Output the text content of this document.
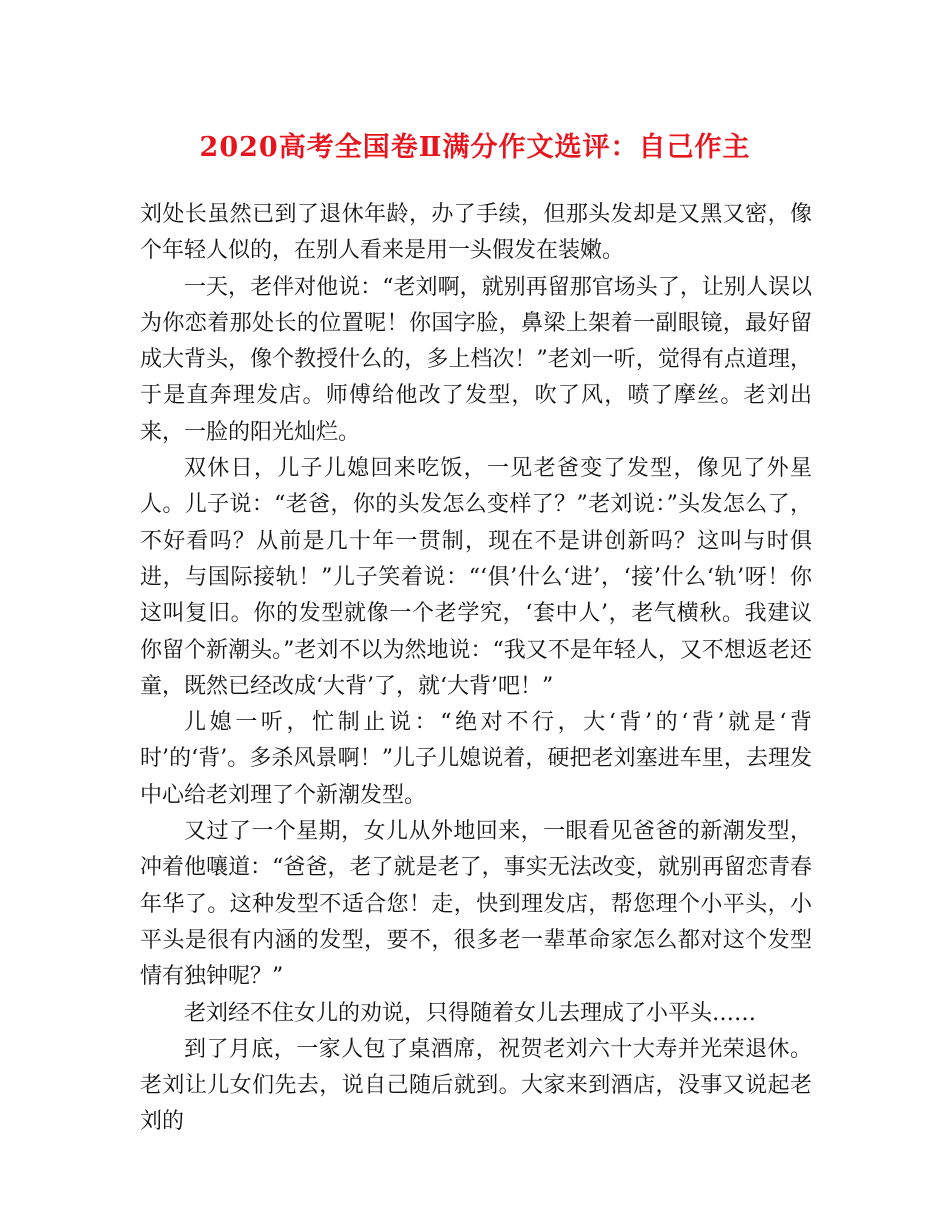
2020高考全国卷Ⅱ满分作文选评：自己作主

刘处长虽然已到了退休年龄，办了手续，但那头发却是又黑又密，像个年轻人似的，在别人看来是用一头假发在装嫩。

一天，老伴对他说：“老刘啊，就别再留那官场头了，让别人误以为你恋着那处长的位置呢！你国字脸，鼻梁上架着一副眼镜，最好留成大背头，像个教授什么的，多上档次！”老刘一听，觉得有点道理，于是直奔理发店。师傅给他改了发型，吹了风，喷了摩丝。老刘出来，一脸的阳光灿烂。

双休日，儿子儿媳回来吃饭，一见老爸变了发型，像见了外星人。儿子说：“老爸，你的头发怎么变样了？”老刘说：”头发怎么了，不好看吗？从前是几十年一贯制，现在不是讲创新吗？这叫与时俱进，与国际接轨！”儿子笑着说：“‘俱’什么‘进’，‘接’什么‘轨’呀！你这叫复旧。你的发型就像一个老学究，‘套中人’，老气横秋。我建议你留个新潮头。”老刘不以为然地说：“我又不是年轻人，又不想返老还童，既然已经改成‘大背’了，就‘大背’吧！”

儿媳一听，忙制止说：“绝对不行，大‘背’的‘背’就是‘背时’的‘背’。多杀风景啊！”儿子儿媳说着，硬把老刘塞进车里，去理发中心给老刘理了个新潮发型。

又过了一个星期，女儿从外地回来，一眼看见爸爸的新潮发型，冲着他嚷道：“爸爸，老了就是老了，事实无法改变，就别再留恋青春年华了。这种发型不适合您！走，快到理发店，帮您理个小平头，小平头是很有内涵的发型，要不，很多老一辈革命家怎么都对这个发型情有独钟呢？”

老刘经不住女儿的劝说，只得随着女儿去理成了小平头……

到了月底，一家人包了桌酒席，祝贺老刘六十大寿并光荣退休。老刘让儿女们先去，说自己随后就到。大家来到酒店，没事又说起老刘的
